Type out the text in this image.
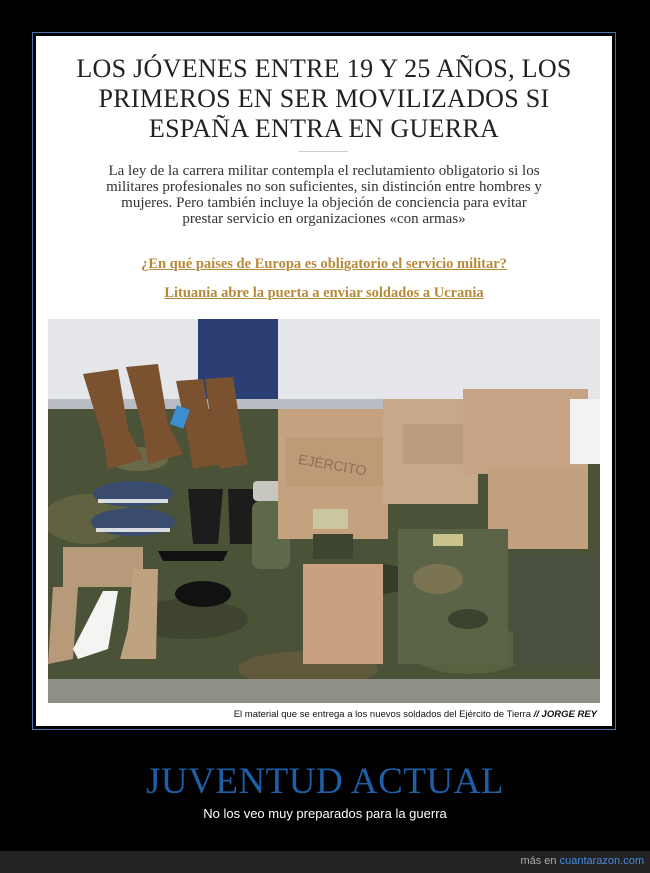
LOS JÓVENES ENTRE 19 Y 25 AÑOS, LOS PRIMEROS EN SER MOVILIZADOS SI ESPAÑA ENTRA EN GUERRA
La ley de la carrera militar contempla el reclutamiento obligatorio si los militares profesionales no son suficientes, sin distinción entre hombres y mujeres. Pero también incluye la objeción de conciencia para evitar prestar servicio en organizaciones «con armas»
¿En qué países de Europa es obligatorio el servicio militar?
Lituania abre la puerta a enviar soldados a Ucrania
EJÉRCITO
El material que se entrega a los nuevos soldados del Ejército de Tierra // JORGE REY
JUVENTUD ACTUAL
No los veo muy preparados para la guerra
más en cuantarazon.com
